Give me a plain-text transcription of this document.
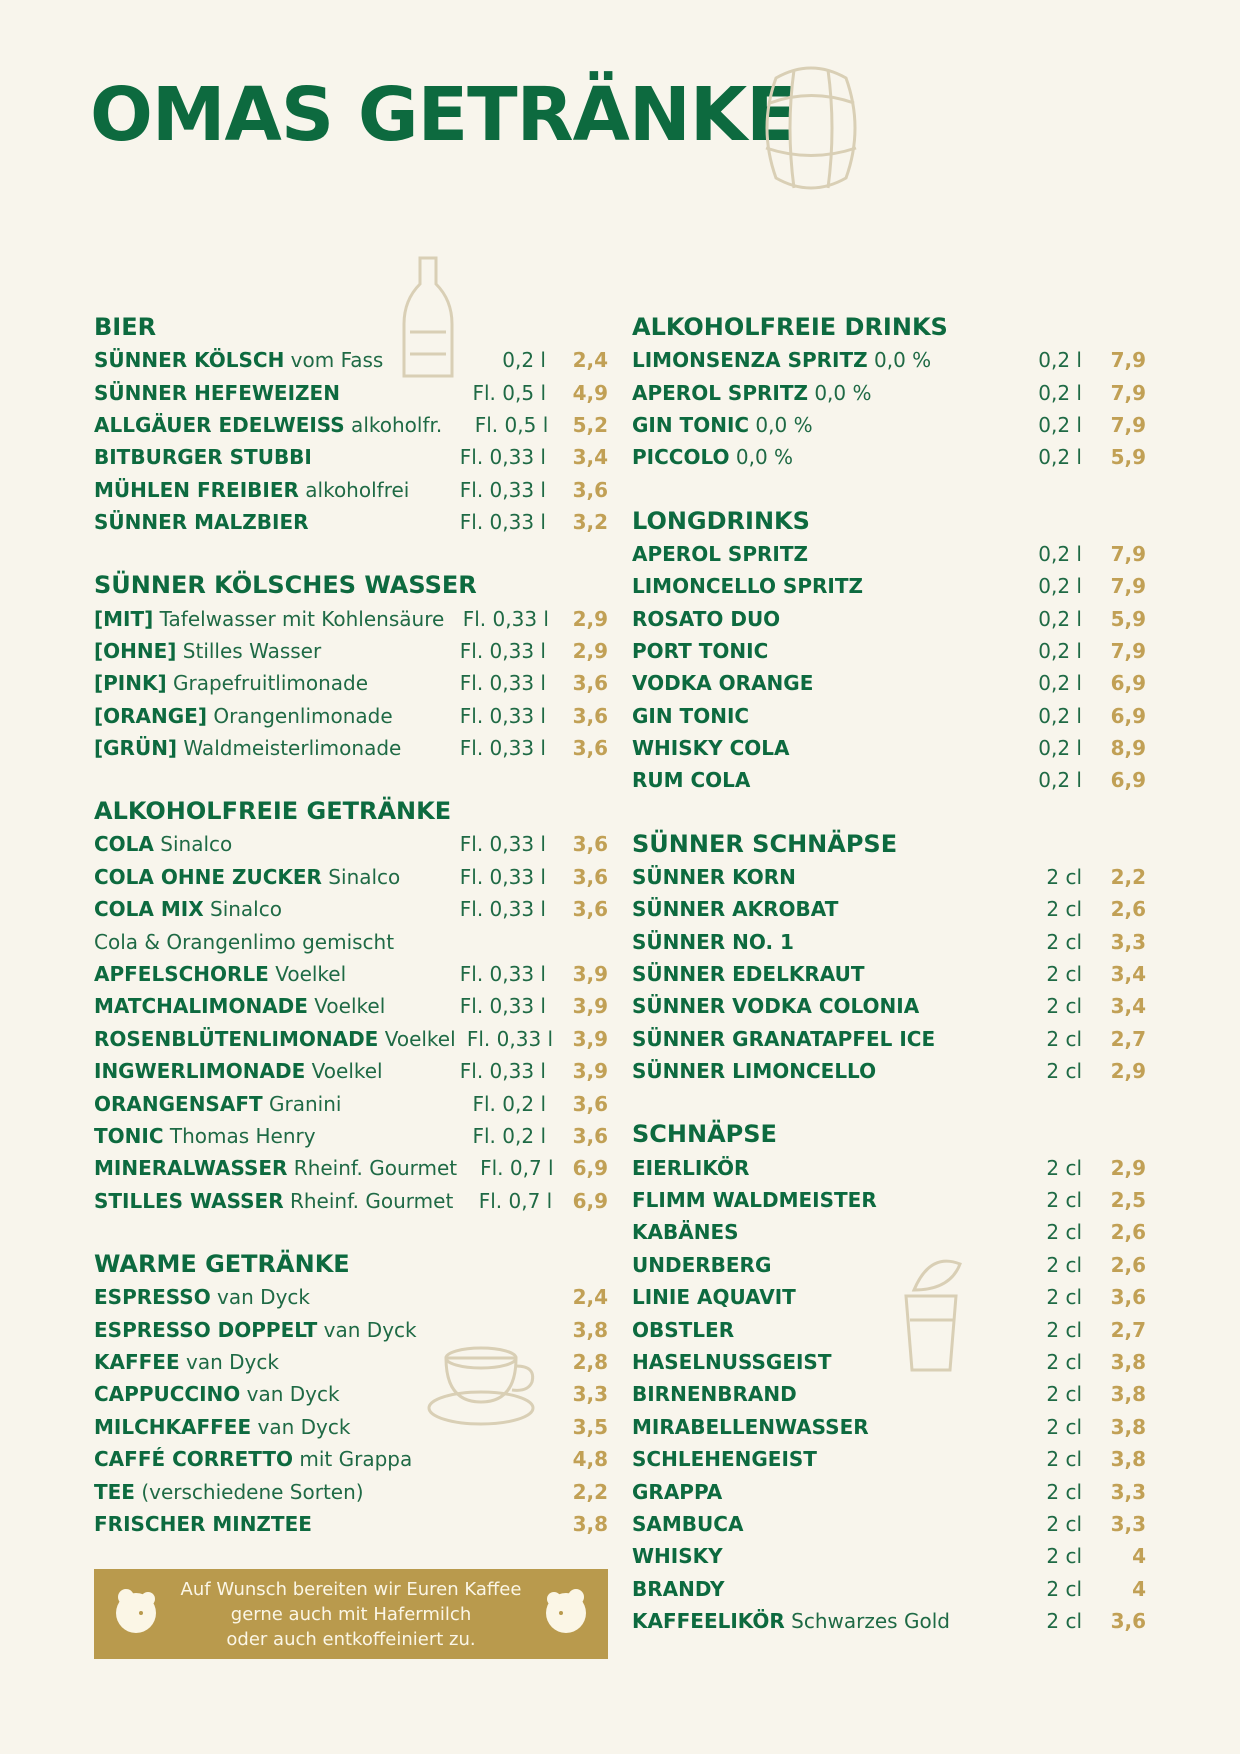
OMAS GETRÄNKE
BIER
SÜNNER KÖLSCH vom Fass	0,2 l	2,4
SÜNNER HEFEWEIZEN	Fl. 0,5 l	4,9
ALLGÄUER EDELWEISS alkoholfr.	Fl. 0,5 l	5,2
BITBURGER STUBBI	Fl. 0,33 l	3,4
MÜHLEN FREIBIER alkoholfrei	Fl. 0,33 l	3,6
SÜNNER MALZBIER	Fl. 0,33 l	3,2
SÜNNER KÖLSCHES WASSER
[MIT] Tafelwasser mit Kohlensäure Fl. 0,33 l	2,9
[OHNE] Stilles Wasser	Fl. 0,33 l	2,9
[PINK] Grapefruitlimonade	Fl. 0,33 l	3,6
[ORANGE] Orangenlimonade	Fl. 0,33 l	3,6
[GRÜN] Waldmeisterlimonade	Fl. 0,33 l	3,6
ALKOHOLFREIE GETRÄNKE
COLA Sinalco	Fl. 0,33 l	3,6
COLA OHNE ZUCKER Sinalco	Fl. 0,33 l	3,6
COLA MIX Sinalco	Fl. 0,33 l	3,6
Cola & Orangenlimo gemischt
APFELSCHORLE Voelkel	Fl. 0,33 l	3,9
MATCHALIMONADE Voelkel	Fl. 0,33 l	3,9
ROSENBLÜTENLIMONADE Voelkel Fl. 0,33 l 3,9
INGWERLIMONADE Voelkel	Fl. 0,33 l	3,9
ORANGENSAFT Granini	Fl. 0,2 l	3,6
TONIC Thomas Henry	Fl. 0,2 l	3,6
MINERALWASSER Rheinf. Gourmet	Fl. 0,7 l 6,9
STILLES WASSER Rheinf. Gourmet	Fl. 0,7 l	6,9
WARME GETRÄNKE
ESPRESSO van Dyck	2,4
ESPRESSO DOPPELT van Dyck	3,8
KAFFEE van Dyck	2,8
CAPPUCCINO van Dyck	3,3
MILCHKAFFEE van Dyck	3,5
CAFFÉ CORRETTO mit Grappa	4,8
TEE (verschiedene Sorten)	2,2
FRISCHER MINZTEE	3,8
ALKOHOLFREIE DRINKS
LIMONSENZA SPRITZ 0,0 %	0,2 l	7,9
APEROL SPRITZ 0,0 %	0,2 l	7,9
GIN TONIC 0,0 %	0,2 l	7,9
PICCOLO 0,0 %	0,2 l	5,9
LONGDRINKS
APEROL SPRITZ	0,2 l	7,9
LIMONCELLO SPRITZ	0,2 l	7,9
ROSATO DUO	0,2 l	5,9
PORT TONIC	0,2 l	7,9
VODKA ORANGE	0,2 l	6,9
GIN TONIC	0,2 l	6,9
WHISKY COLA	0,2 l	8,9
RUM COLA	0,2 l	6,9
SÜNNER SCHNÄPSE
SÜNNER KORN	2 cl	2,2
SÜNNER AKROBAT	2 cl	2,6
SÜNNER NO. 1	2 cl	3,3
SÜNNER EDELKRAUT	2 cl	3,4
SÜNNER VODKA COLONIA	2 cl	3,4
SÜNNER GRANATAPFEL ICE	2 cl	2,7
SÜNNER LIMONCELLO	2 cl	2,9
SCHNÄPSE
EIERLIKÖR	2 cl	2,9
FLIMM WALDMEISTER	2 cl	2,5
KABÄNES	2 cl	2,6
UNDERBERG	2 cl	2,6
LINIE AQUAVIT	2 cl	3,6
OBSTLER	2 cl	2,7
HASELNUSSGEIST	2 cl	3,8
BIRNENBRAND	2 cl	3,8
MIRABELLENWASSER	2 cl	3,8
SCHLEHENGEIST	2 cl	3,8
GRAPPA	2 cl	3,3
SAMBUCA	2 cl	3,3
WHISKY	2 cl	4
BRANDY	2 cl	4
KAFFEELIKÖR Schwarzes Gold	2 cl	3,6
Auf Wunsch bereiten wir Euren Kaffee
gerne auch mit Hafermilch
oder auch entkoffeiniert zu.
